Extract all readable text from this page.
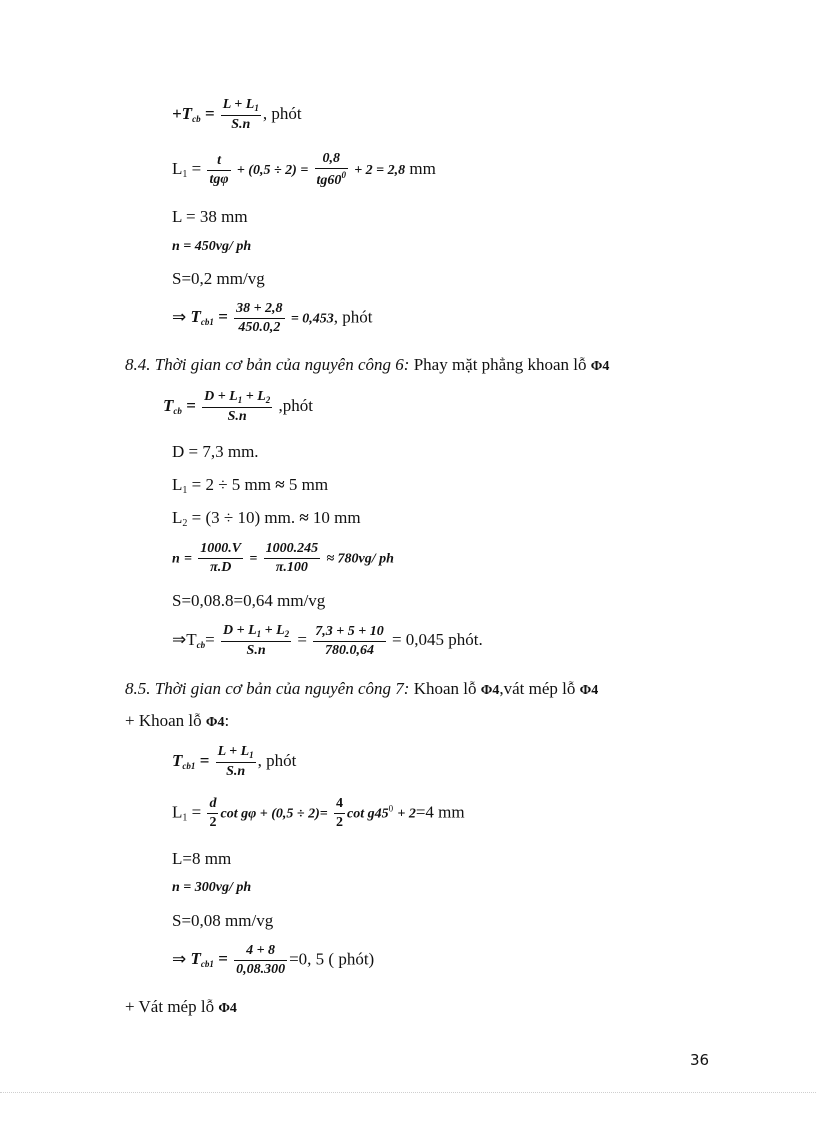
$+T_{cb} = \frac{L + L_1}{S.n}$ , phót
$L_1 = \frac{t}{\text{tgφ}} + (0,5 \div 2) = \frac{0,8}{tg60^0} + 2 = 2,8$ mm
L = 38 mm
n = 450vg/ ph
S=0,2 mm/vg
⇒ $T_{cb1} = \frac{38 + 2,8}{450.0,2} = 0,453$, phót
8.4. Thời gian cơ bản của nguyên công 6: Phay mặt phẳng khoan lỗ Φ4
$T_{cb} = \frac{D + L_1 + L_2}{S.n}$ ,phót
D = 7,3 mm.
$L_1 = 2 \div 5$ mm ≈ 5 mm
$L_2 = (3 \div 10)$ mm. ≈ 10 mm
$n = \frac{1000.V}{\pi.D} = \frac{1000.245}{\pi.100} \approx 780vg/$ ph
S=0,08.8=0,64 mm/vg
$\Rightarrow T_{cb}= \frac{D + L_1 + L_2}{S.n} = \frac{7,3 + 5 + 10}{780.0,64} = 0,045$ phót.
8.5. Thời gian cơ bản của nguyên công 7: Khoan lỗ Φ4,vát mép lỗ Φ4
+ Khoan lỗ Φ4:
$T_{cb1} = \frac{L + L_1}{S.n}$ , phót
$L_1 = \frac{d}{2}$ $\cot g\varphi + (0,5 \div 2)= \frac{4}{2}$ $\cot g45^0 + 2=4$ mm
L=8 mm
n = 300vg/ ph
S=0,08 mm/vg
⇒ $T_{cb1} = \frac{4 + 8}{0,08.300} =0$, 5 ( phót)
+ Vát mép lỗ Φ4
36
